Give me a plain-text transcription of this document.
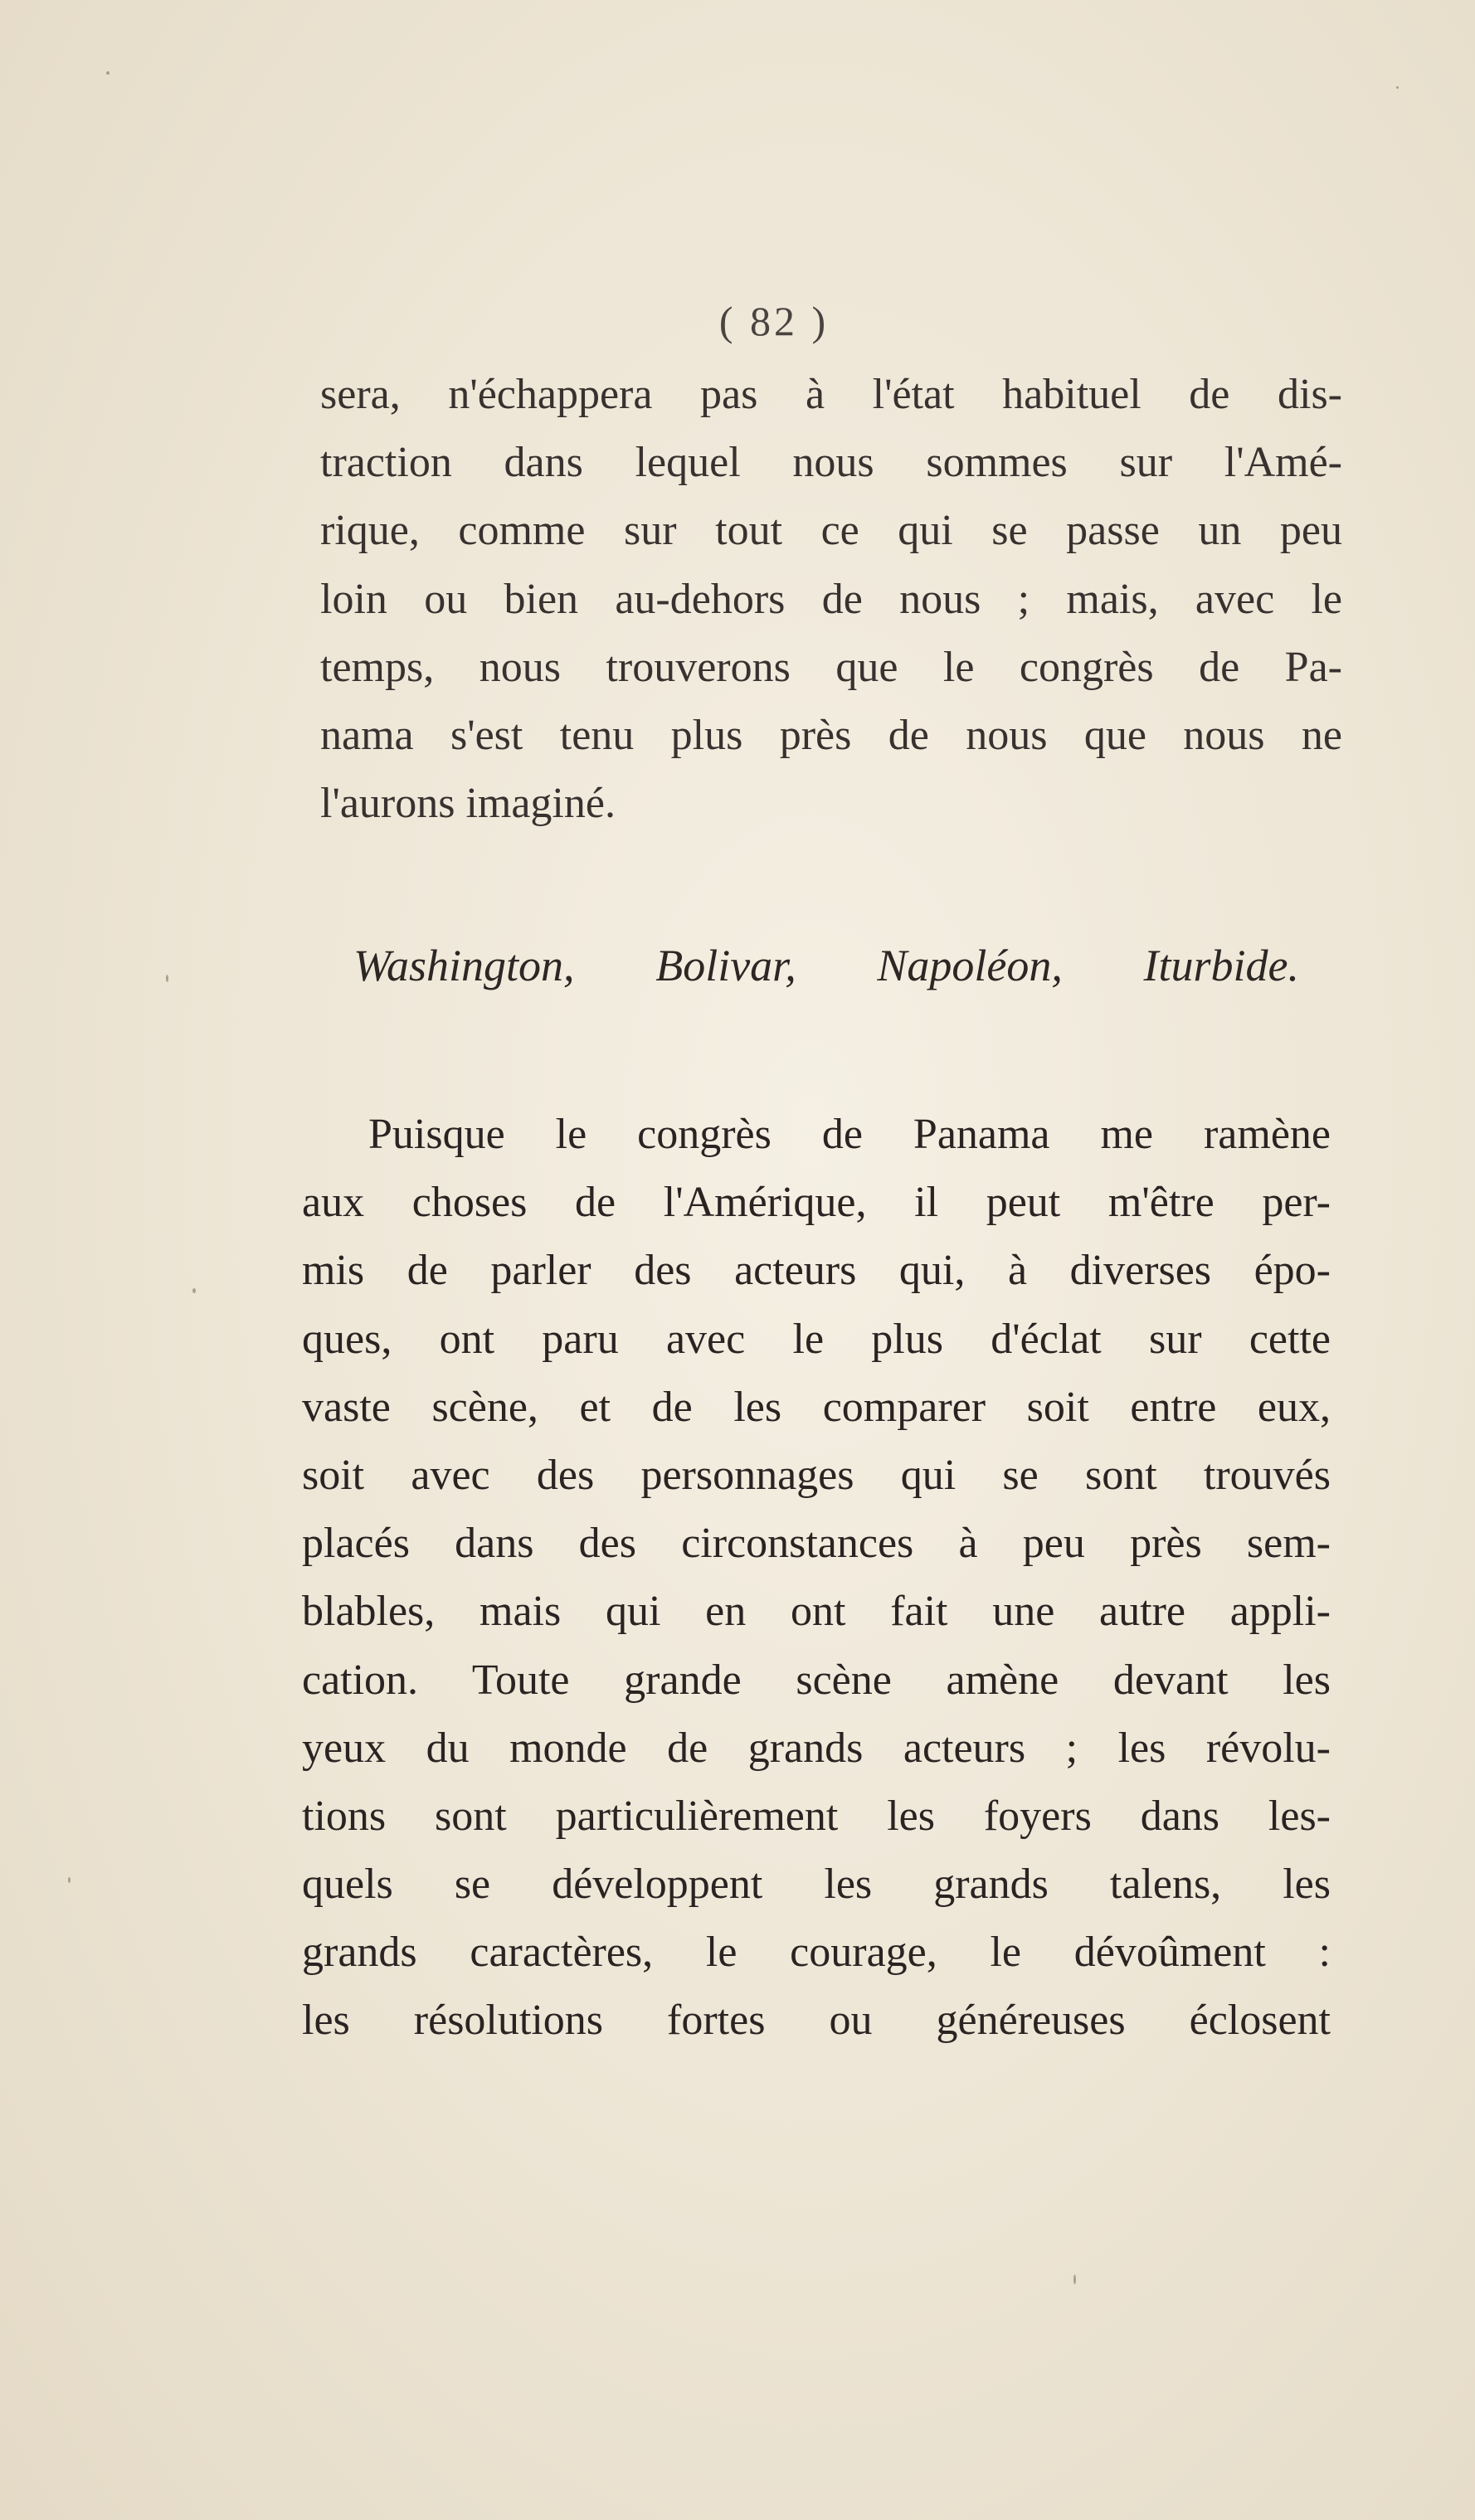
( 82 )
sera, n'échappera pas à l'état habituel de dis-
traction dans lequel nous sommes sur l'Amé-
rique, comme sur tout ce qui se passe un peu
loin ou bien au-dehors de nous ; mais, avec le
temps, nous trouverons que le congrès de Pa-
nama s'est tenu plus près de nous que nous ne
l'aurons imaginé.
Washington, Bolivar, Napoléon, Iturbide.
Puisque le congrès de Panama me ramène
aux choses de l'Amérique, il peut m'être per-
mis de parler des acteurs qui, à diverses épo-
ques, ont paru avec le plus d'éclat sur cette
vaste scène, et de les comparer soit entre eux,
soit avec des personnages qui se sont trouvés
placés dans des circonstances à peu près sem-
blables, mais qui en ont fait une autre appli-
cation. Toute grande scène amène devant les
yeux du monde de grands acteurs ; les révolu-
tions sont particulièrement les foyers dans les-
quels se développent les grands talens, les
grands caractères, le courage, le dévoûment :
les résolutions fortes ou généreuses éclosent
